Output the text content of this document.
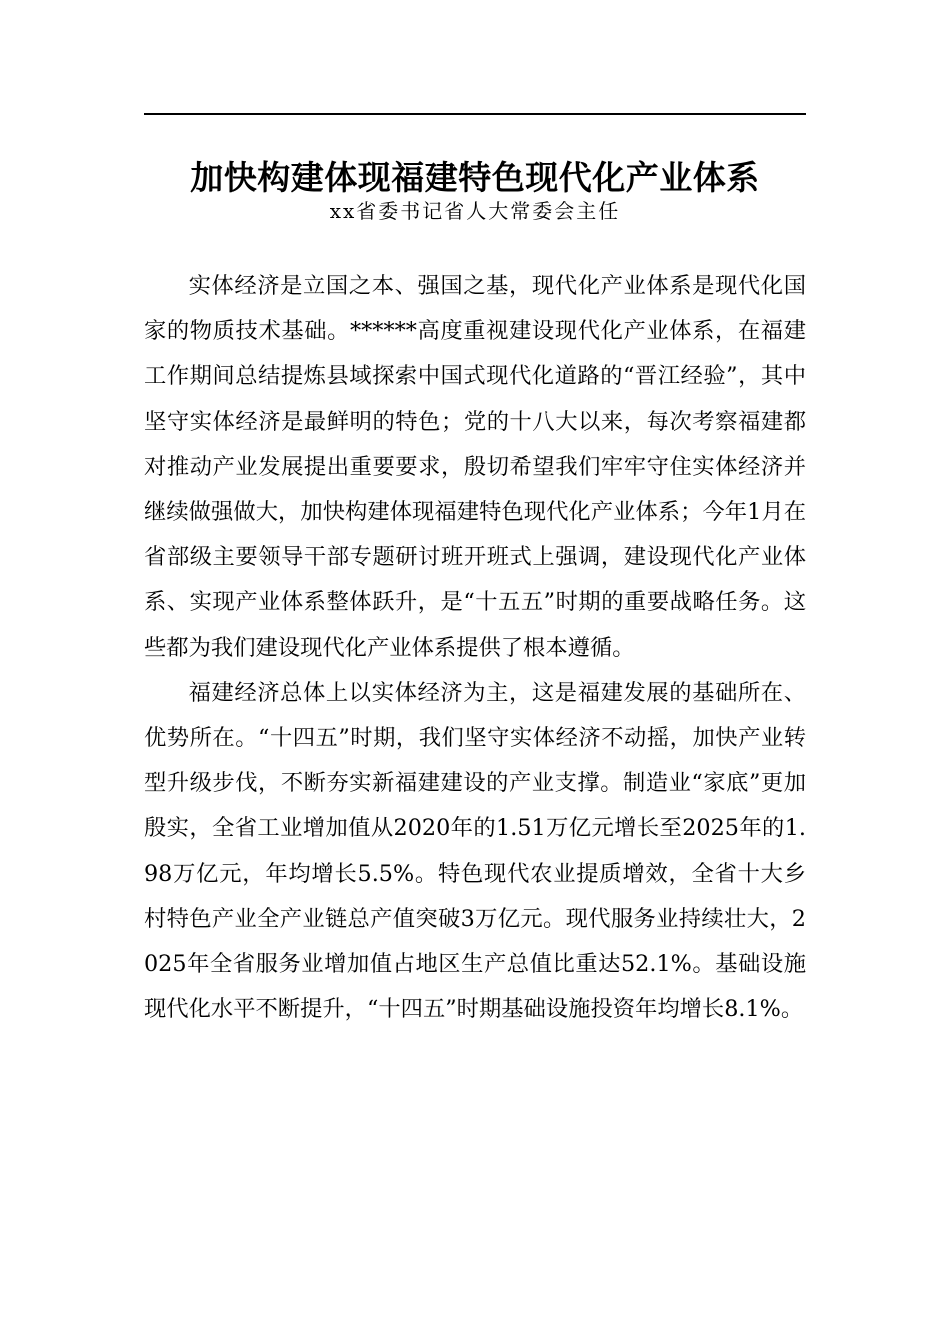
加快构建体现福建特色现代化产业体系
xx省委书记省人大常委会主任

实体经济是立国之本、强国之基，现代化产业体系是现代化国家的物质技术基础。******高度重视建设现代化产业体系，在福建工作期间总结提炼县域探索中国式现代化道路的“晋江经验”，其中坚守实体经济是最鲜明的特色；党的十八大以来，每次考察福建都对推动产业发展提出重要要求，殷切希望我们牢牢守住实体经济并继续做强做大，加快构建体现福建特色现代化产业体系；今年1月在省部级主要领导干部专题研讨班开班式上强调，建设现代化产业体系、实现产业体系整体跃升，是“十五五”时期的重要战略任务。这些都为我们建设现代化产业体系提供了根本遵循。

福建经济总体上以实体经济为主，这是福建发展的基础所在、优势所在。“十四五”时期，我们坚守实体经济不动摇，加快产业转型升级步伐，不断夯实新福建建设的产业支撑。制造业“家底”更加殷实，全省工业增加值从2020年的1.51万亿元增长至2025年的1.98万亿元，年均增长5.5%。特色现代农业提质增效，全省十大乡村特色产业全产业链总产值突破3万亿元。现代服务业持续壮大，2025年全省服务业增加值占地区生产总值比重达52.1%。基础设施现代化水平不断提升，“十四五”时期基础设施投资年均增长8.1%。
